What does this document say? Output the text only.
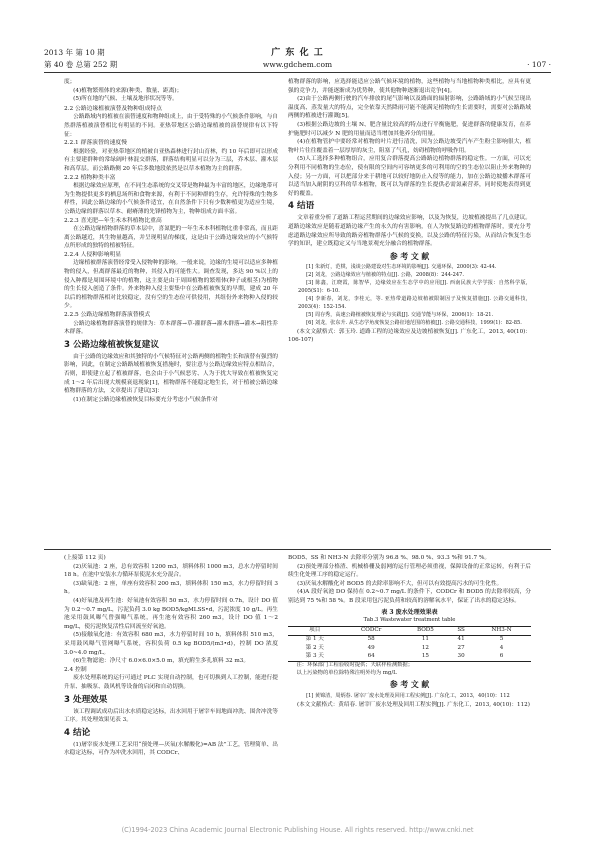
2013 年 第 10 期	广 东 化 工
第 40 卷 总第 252 期	www.gdchem.com	· 107 ·

度；

(4)植物繁殖体的来源(种类、数量、距离)；

(5)所在地的气候、土壤及地形状况等等。

2.2 公路边缘植被演替及物种组成特点

公路路域内的植被在演替速度和物种组成上，由于受特殊的小气候条件影响，与自然群落植被演替相比有明显的不同。亚热带地区公路边缘植被的演替规律有以下特征：

2.2.1 群落演替的速度慢

根据经验，对亚热带地区的植被自亚热森林进行封山育林，约 10 年后即可以形成有主要建群种的常绿阔叶林混交群落，群落结构明显可以分为三层，乔木层、灌木层和高草层。而公路路侧 20 年后多数地段依然是以草本植物为主的群落。

2.2.2 植物种类丰富

根据边缘效应原理，在不同生态系统的交叉带是物种最为丰富的地区，边缘地带可为生物提供更多的栖息场所和食物来源，有利于不同种群的生存，允许特殊的生物多样性，因此公路边缘的小气候条件适宜，在自然条件下只有少数种植更为适应生境，公路边缘的群落以草本、耐瘠薄的先锋植物为主，物种组成方面丰富。

2.2.3 喜光肥—年生禾本科植物比重高

在公路边缘植物群落的草本层中，喜氮肥的一年生禾本科植物比重非常高，而且距离公路越近，其生物量越高，并呈现明显的梯度，这是由于公路边缘效应的小气候特点所形成的独特的植被特征。

2.2.4 人侵种影响明显

边缘植被群落演替经常受入侵物种的影响。一般来说，边缘的生境可以适应多种植物的侵入，但离群落最近的物种，其侵入的可能性大。调查发现，多达 90 %以上的侵入种都是周围环境中的植物，这主要是由于周围植物的繁殖体(种子或根茎)为植物的生长侵入创造了条件。外来物种入侵主要集中在公路植被恢复的早期，建成 20 年以后的植物群落相对比较稳定，没有空的生态位可供侵用，其组份外来物种入侵的较少。

2.2.5 公路边缘植物群落演替模式

公路边缘植物群落演替的规律为：草本群落→草-灌群落→灌木群落→灌木→阳性乔木群落。

3 公路边缘植被恢复建议

由于公路的边缘效应和其独特的小气候特征对公路两侧的植物生长和演替有强烈的影响，因此，在制定公路路域植被恢复措施时，要注意与公路边缘效应特点相结合，否则，即使建立起了植被群落，也会由于小气候恶劣、人为于扰大导致在植被恢复完成 1～2 年后出现大规模衰退现象[1]，植物群落不能稳定地生长，对于植被公路边缘植物群落的方法，文章提出了建议[3]：

(1)在制定公路边缘植被恢复目标要充分考虑小气候条件对

植物群落的影响，应选择能适应公路气候环境的植物，这些植物与当地植物种类相比，应具有更强的竞争力，并能逐渐成为优势种，使其他物种逐渐退出竞争[4]。

(2)由于公路两侧行驶的汽车排放的尾气影响以及路面的辐射影响，公路路域的小气候呈现出温度高、蒸发量大的特点，完全依靠天然降雨可能不能满足植物的生长需要时，需要对公路路域两侧的植被进行灌溉[5]。

(3)根据公路边坡的土壤 N、肥含量比较高的特点进行平衡施肥，促进群落的健康发育，在养护施肥时可以减少 N 肥的用量而适当增加其他养分的用量。

(4)在植物管护中要经常对植物的叶片进行清洗，因为公路边坡受汽车产生粉尘影响很大，植物叶片往往覆盖着一层厚厚的灰尘，阻塞了气孔，妨碍植物的呼吸作用。

(5)人工选择多种植物组合，应用复合群落提高公路路边植物群落的稳定性。一方面，可以充分利用不同植物的生态位，使有限的空间内可容纳更多的可利用的空的生态位以阻止外来物种的入侵；另一方面，可以把部分来于耕地可以较好地防止入侵等的能力，加在公路边坡播木群落可以适当加入耐阴的豆科的草本植物，既可以为群落的生长提供必需氮素营养，同时使地表得到更好的覆盖。

4 结语

文章着重分析了道路工程运营期间的边缘效应影响，以及为恢复，边坡植被提出了几点建议。道路边缘效应是随着道路边缘产生的永久的有害影响，在人为恢复路边的植物群落时，要充分考虑道路边缘效应所导致的路旁植物群落小气候的变换，以及公路的特征污染，从而结合恢复生态学的知识，建立既稳定又与当地景观充分融合的植物群落。

参 考 文 献

[1] 朱新灯，范棋，浅谈公路建设对生态环境的影响[J]. 交通环保，2000(3): 42-44.

[2] 刘龙，公路边缘效应与植被的特点[J]. 公路，2008(8)：244-247.

[3] 陈鑫，江晓霞，陈智华，边缘效应在生态学中的应用[J]. 西南民族大学学报：自然科学版，2005(S1)：6-10.

[4] 李新春，刘龙，李桂元，等. 亚热带道路边坡植被限制因子及恢复措施[J]. 公路交通科技，2003(4)：152-154.

[5] 周存秀，高速公路植被恢复理论与实践[J]. 交通节能与环保，2006(1)：18-21.

[6] 刘龙，张东升. 从生态学角度恢复公路征地范围的植被[J]. 公路交通科技，1999(1)：82-85.

(本文文献格式：郭玉玲. 道路工程的边缘效应及边坡植被恢复[J]. 广东化工，2013, 40(10)：106-107)

(上接第 112 页)

(2)厌氧池：2 座，总有效容积 1200 m3，填料体积 1000 m3，总水力停留时间 18 h。在池中安装水力循环泵使泥水充分混合。

(3)缺氧池：2 座，单座有效容积 200 m3，填料体积 150 m3，水力停留时间 3 h。

(4)好氧池及再生池：好氧池有效容积 50 m3，水力停留时间 0.7h，设计 DO 值为 0.2～0.7 mg/L，污泥负荷 3.0 kg BOD5/kgMLSS•d，污泥浓度 10 g/L。再生池采用鼓风曝气曾强曝气系统，再生池有效容积 260 m3，设计 DO 值 1～2 mg/L，使污泥恢复活性后回流至好氧池。

(5)接触氧化池：有效容积 680 m3，水力停留时间 10 h，填料体积 510 m3，采用鼓风曝气管网曝气系统，容积负荷 0.5 kg BOD5/(m3•d)，控制 DO 浓度 3.0~4.0 mg/L。

(6)生物滤池：净尺寸 6.0×6.0×5.0 m，填充附生多孔填料 32 m3。

2.4 控制

废水处理系统的运行可通过 PLC 实现自动控制，也可切换到人工控制，能进行提升泵、抽吸泵、鼓风机等设备的启闭和自动切换。

3 处理效果

该工程调试成功后出水水质稳定达标，出水回用于屠宰车间地面冲洗、围舍冲洗等工序。其处理效果见表 3。

4 结论

(1)屠宰废水处理工艺采用“预处理—厌氧(水解酸化)=AB 法”工艺，管理简单、出水稳定达标，可作为冲洗水回用，其 CODCr、

BOD5、SS 和 NH3-N 去除率分别为 96.8 %、98.0 %、93.3 %和 91.7 %。

(2)预处理部分格渣、机械格栅及弱网的运行管理必须重视，保障设备的正常运转，有利于后续生化处理工序的稳定运行。

(3)厌氧水解酸化对 BOD5 的去除率影响不大，但可以有效提高污水的可生化性。

(4)A 段好氧池 DO 保持在 0.2~0.7 mg/L 的条件下，CODCr 和 BOD5 的去除率较高，分别达到 75 %和 58 %。B 段采用包污泥负荷和较高的溶解氧水平，保证了出水的稳定达标。

表 3 废水处理效果表
Tab.3 Wastewater treatment table
项目	CODCr	BOD5	SS	NH3-N
第 1 天	58	11	41	5
第 2 天	49	12	27	4
第 3 天	64	15	30	6

注：环保部门工程验收时提供；天联样检测数据；

以上污染物的单位除特殊注明外均为 mg/L

参 考 文 献

[1] 黄锦清，周炳春. 屠宰厂废水处理及回用工程实例[J]. 广东化工，2013，40(10)：112

(本文文献格式：黄绍春. 屠宰厂废水处理及回用工程实例[J]. 广东化工，2013, 40(10)：112)

(C)1994-2023 China Academic Journal Electronic Publishing House. All rights reserved. http://www.cnki.net
